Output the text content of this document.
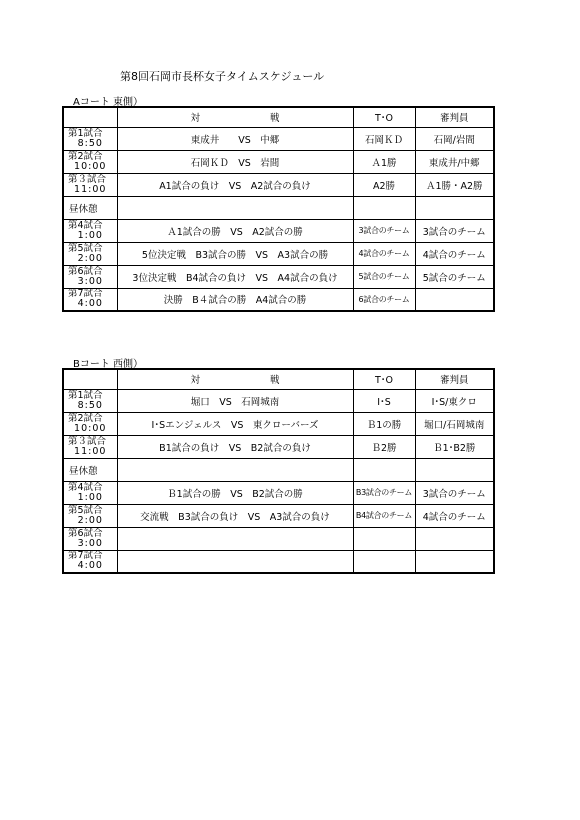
第8回石岡市長杯女子タイムスケジュール
Aコート 東側）
	対 戦	T･O	審判員

第1試合
8:50	東成井　　VS　中郷	石岡ＫＤ	石岡/岩間

第2試合
10:00	石岡ＫＤ　VS　岩間	Ａ1勝	東成井/中郷

第３試合
11:00	A1試合の負け　VS　A2試合の負け	A2勝	Ａ1勝・A2勝
昼休憩			

第4試合
1:00	Ａ1試合の勝　VS　A2試合の勝	3試合のチーム	3試合のチーム

第5試合
2:00	5位決定戦　B3試合の勝　VS　A3試合の勝	4試合のチーム	4試合のチーム

第6試合
3:00	3位決定戦　B4試合の負け　VS　A4試合の負け	5試合のチーム	5試合のチーム

第7試合
4:00	決勝　B４試合の勝　A4試合の勝	6試合のチーム	
Bコート 西側）
	対 戦	T･O	審判員

第1試合
8:50	堀口　VS　石岡城南	I･S	I･S/東クロ

第2試合
10:00	I･Sエンジェルス　VS　東クローバーズ	Ｂ1の勝	堀口/石岡城南

第３試合
11:00	B1試合の負け　VS　B2試合の負け	Ｂ2勝	Ｂ1･B2勝
昼休憩			

第4試合
1:00	Ｂ1試合の勝　VS　B2試合の勝	B3試合のチーム	3試合のチーム

第5試合
2:00	交流戦　B3試合の負け　VS　A3試合の負け	B4試合のチーム	4試合のチーム

第6試合
3:00			

第7試合
4:00			
